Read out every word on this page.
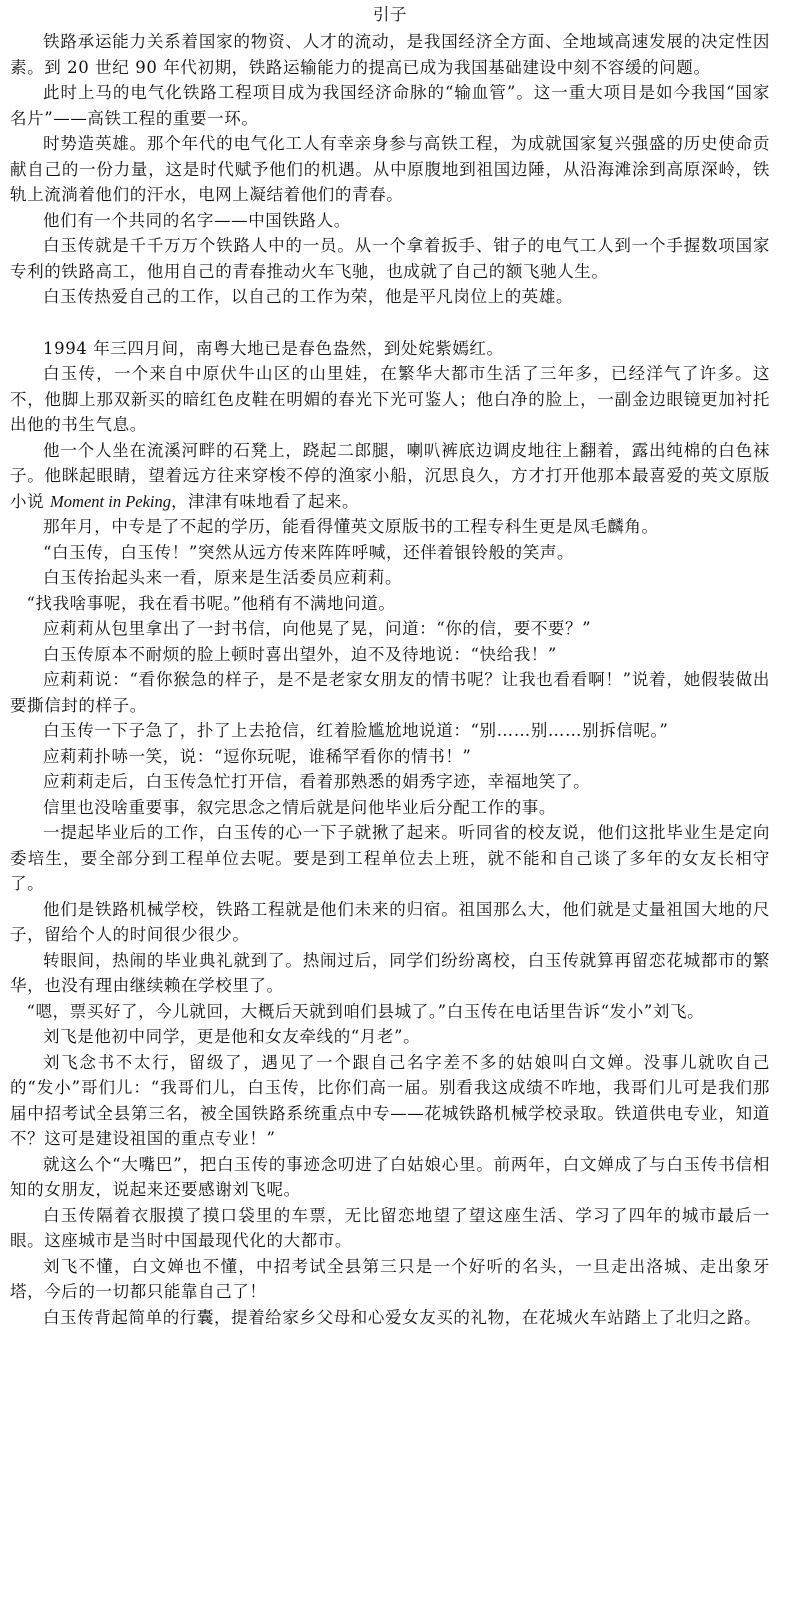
引子

铁路承运能力关系着国家的物资、人才的流动，是我国经济全方面、全地域高速发展的决定性因素。到 20 世纪 90 年代初期，铁路运输能力的提高已成为我国基础建设中刻不容缓的问题。

此时上马的电气化铁路工程项目成为我国经济命脉的“输血管”。这一重大项目是如今我国“国家名片”——高铁工程的重要一环。

时势造英雄。那个年代的电气化工人有幸亲身参与高铁工程，为成就国家复兴强盛的历史使命贡献自己的一份力量，这是时代赋予他们的机遇。从中原腹地到祖国边陲，从沿海滩涂到高原深岭，铁轨上流淌着他们的汗水，电网上凝结着他们的青春。

他们有一个共同的名字——中国铁路人。

白玉传就是千千万万个铁路人中的一员。从一个拿着扳手、钳子的电气工人到一个手握数项国家专利的铁路高工，他用自己的青春推动火车飞驰，也成就了自己的额飞驰人生。

白玉传热爱自己的工作，以自己的工作为荣，他是平凡岗位上的英雄。

1994 年三四月间，南粤大地已是春色盎然，到处姹紫嫣红。

白玉传，一个来自中原伏牛山区的山里娃，在繁华大都市生活了三年多，已经洋气了许多。这不，他脚上那双新买的暗红色皮鞋在明媚的春光下光可鉴人；他白净的脸上，一副金边眼镜更加衬托出他的书生气息。

他一个人坐在流溪河畔的石凳上，跷起二郎腿，喇叭裤底边调皮地往上翻着，露出纯棉的白色袜子。他眯起眼睛，望着远方往来穿梭不停的渔家小船，沉思良久，方才打开他那本最喜爱的英文原版小说 Moment in Peking，津津有味地看了起来。

那年月，中专是了不起的学历，能看得懂英文原版书的工程专科生更是凤毛麟角。

“白玉传，白玉传！”突然从远方传来阵阵呼喊，还伴着银铃般的笑声。

白玉传抬起头来一看，原来是生活委员应莉莉。

“找我啥事呢，我在看书呢。”他稍有不满地问道。

应莉莉从包里拿出了一封书信，向他晃了晃，问道：“你的信，要不要？”

白玉传原本不耐烦的脸上顿时喜出望外，迫不及待地说：“快给我！”

应莉莉说：“看你猴急的样子，是不是老家女朋友的情书呢？让我也看看啊！”说着，她假装做出要撕信封的样子。

白玉传一下子急了，扑了上去抢信，红着脸尴尬地说道：“别……别……别拆信呢。”

应莉莉扑哧一笑，说：“逗你玩呢，谁稀罕看你的情书！”

应莉莉走后，白玉传急忙打开信，看着那熟悉的娟秀字迹，幸福地笑了。

信里也没啥重要事，叙完思念之情后就是问他毕业后分配工作的事。

一提起毕业后的工作，白玉传的心一下子就揪了起来。听同省的校友说，他们这批毕业生是定向委培生，要全部分到工程单位去呢。要是到工程单位去上班，就不能和自己谈了多年的女友长相守了。

他们是铁路机械学校，铁路工程就是他们未来的归宿。祖国那么大，他们就是丈量祖国大地的尺子，留给个人的时间很少很少。

转眼间，热闹的毕业典礼就到了。热闹过后，同学们纷纷离校，白玉传就算再留恋花城都市的繁华，也没有理由继续赖在学校里了。

“嗯，票买好了，今儿就回，大概后天就到咱们县城了。”白玉传在电话里告诉“发小”刘飞。

刘飞是他初中同学，更是他和女友牵线的“月老”。

刘飞念书不太行，留级了，遇见了一个跟自己名字差不多的姑娘叫白文婵。没事儿就吹自己的“发小”哥们儿：“我哥们儿，白玉传，比你们高一届。别看我这成绩不咋地，我哥们儿可是我们那届中招考试全县第三名，被全国铁路系统重点中专——花城铁路机械学校录取。铁道供电专业，知道不？这可是建设祖国的重点专业！”

就这么个“大嘴巴”，把白玉传的事迹念叨进了白姑娘心里。前两年，白文婵成了与白玉传书信相知的女朋友，说起来还要感谢刘飞呢。

白玉传隔着衣服摸了摸口袋里的车票，无比留恋地望了望这座生活、学习了四年的城市最后一眼。这座城市是当时中国最现代化的大都市。

刘飞不懂，白文婵也不懂，中招考试全县第三只是一个好听的名头，一旦走出洛城、走出象牙塔，今后的一切都只能靠自己了！

白玉传背起简单的行囊，提着给家乡父母和心爱女友买的礼物，在花城火车站踏上了北归之路。
